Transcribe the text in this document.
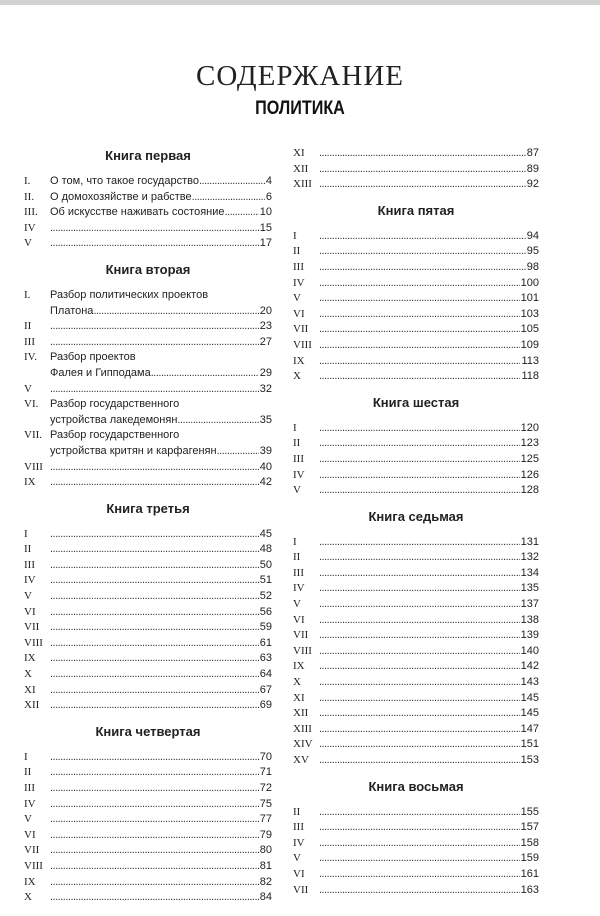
СОДЕРЖАНИЕ
ПОЛИТИКА
Книга первая
I.	О том, что такое государство .....	4
II.	О домохозяйстве и рабстве .....	6
III.	Об искусстве наживать состояние .....	10
IV .....	15
V .....	17
Книга вторая
I.	Разбор политических проектов
Платона .....	20
II .....	23
III .....	27
IV.	Разбор проектов
Фалея и Гипподама .....	29
V .....	32
VI.	Разбор государственного
устройства лакедемонян .....	35
VII. Разбор государственного
устройства критян и карфагенян .....	39
VIII .....	40
IX .....	42
Книга третья
I .....	45
II .....	48
III .....	50
IV .....	51
V .....	52
VI .....	56
VII .....	59
VIII .....	61
IX .....	63
X .....	64
XI .....	67
XII .....	69
Книга четвертая
I .....	70
II .....	71
III .....	72
IV .....	75
V .....	77
VI .....	79
VII .....	80
VIII .....	81
IX .....	82
X .....	84
XI .....	87
XII .....	89
XIII .....	92
Книга пятая
I .....	94
II .....	95
III .....	98
IV .....	100
V .....	101
VI .....	103
VII .....	105
VIII .....	109
IX .....	113
X .....	118
Книга шестая
I .....	120
II .....	123
III .....	125
IV .....	126
V .....	128
Книга седьмая
I .....	131
II .....	132
III .....	134
IV .....	135
V .....	137
VI .....	138
VII .....	139
VIII .....	140
IX .....	142
X .....	143
XI .....	145
XII .....	145
XIII .....	147
XIV .....	151
XV .....	153
Книга восьмая
II .....	155
III .....	157
IV .....	158
V .....	159
VI .....	161
VII .....	163
